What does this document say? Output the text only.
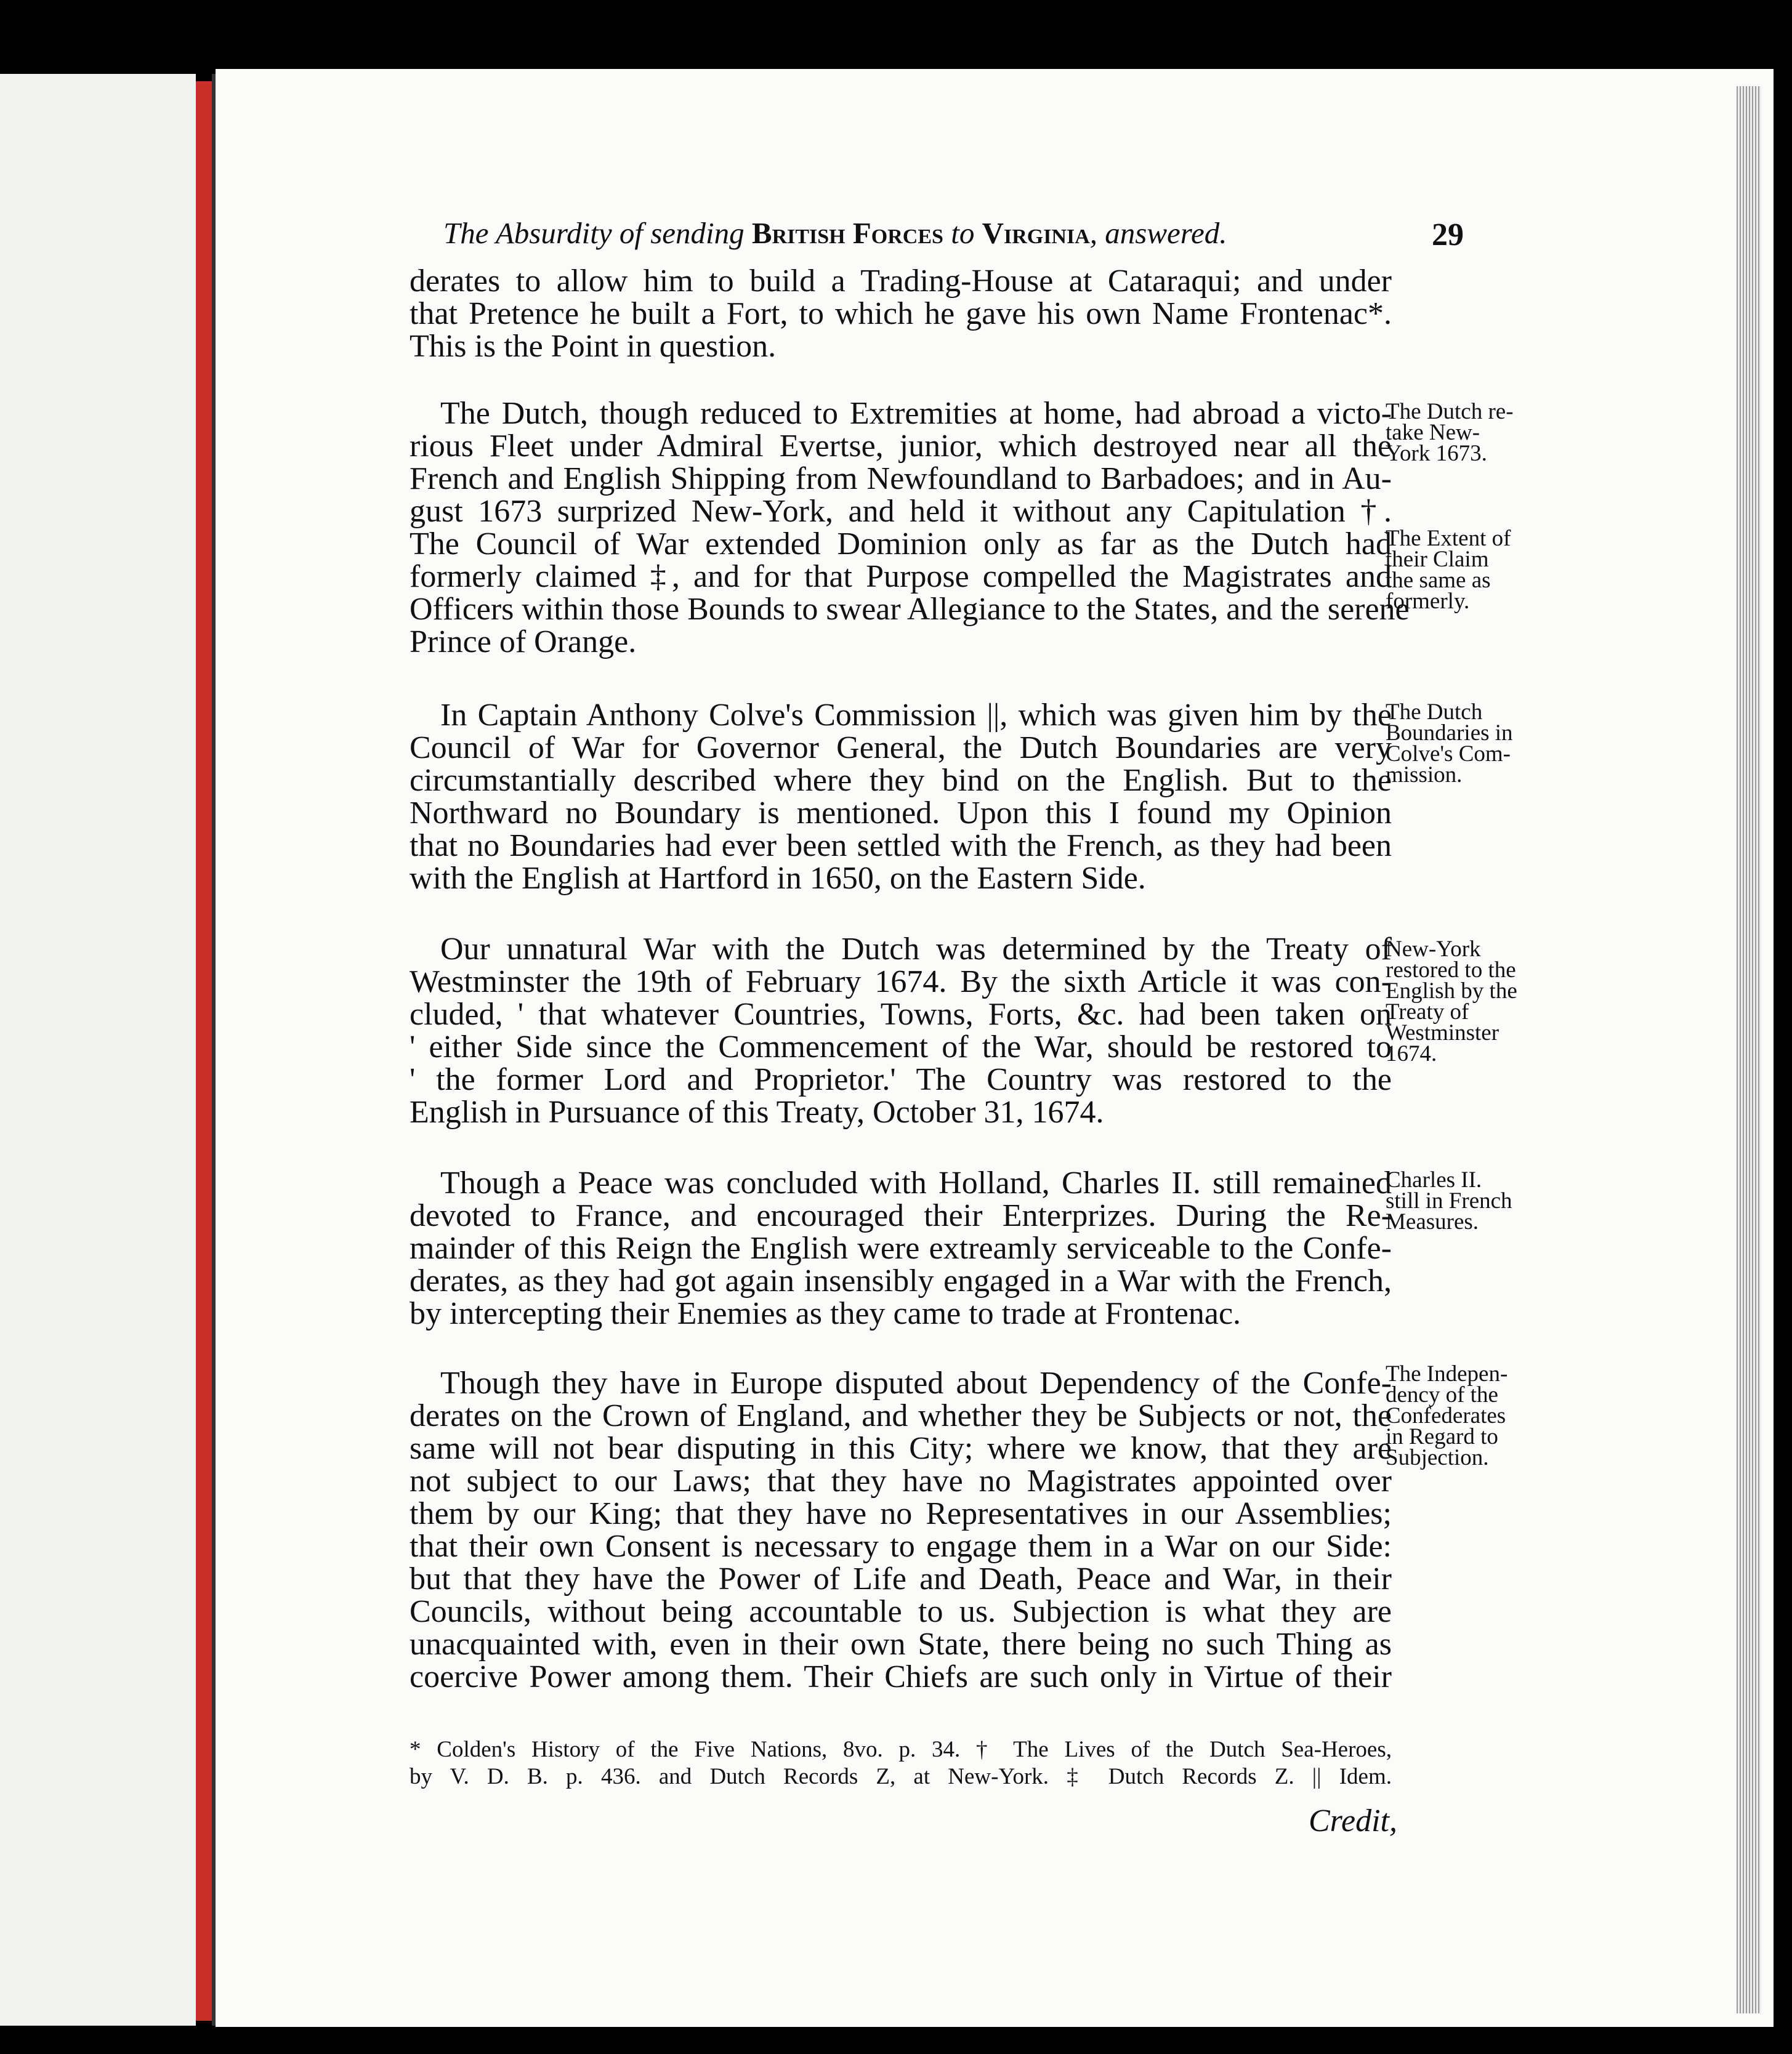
The Absurdity of sending British Forces to Virginia, answered.	29
derates to allow him to build a Trading-House at Cataraqui; and under
that Pretence he built a Fort, to which he gave his own Name Frontenac*.
This is the Point in question.
The Dutch, though reduced to Extremities at home, had abroad a victo-
rious Fleet under Admiral Evertse, junior, which destroyed near all the
French and English Shipping from Newfoundland to Barbadoes; and in Au-
gust 1673 surprized New-York, and held it without any Capitulation †.
The Council of War extended Dominion only as far as the Dutch had
formerly claimed ‡, and for that Purpose compelled the Magistrates and
Officers within those Bounds to swear Allegiance to the States, and the serene
Prince of Orange.
In Captain Anthony Colve's Commission ||, which was given him by the
Council of War for Governor General, the Dutch Boundaries are very
circumstantially described where they bind on the English. But to the
Northward no Boundary is mentioned. Upon this I found my Opinion
that no Boundaries had ever been settled with the French, as they had been
with the English at Hartford in 1650, on the Eastern Side.
Our unnatural War with the Dutch was determined by the Treaty of
Westminster the 19th of February 1674. By the sixth Article it was con-
cluded, ' that whatever Countries, Towns, Forts, &c. had been taken on
' either Side since the Commencement of the War, should be restored to
' the former Lord and Proprietor.' The Country was restored to the
English in Pursuance of this Treaty, October 31, 1674.
Though a Peace was concluded with Holland, Charles II. still remained
devoted to France, and encouraged their Enterprizes. During the Re-
mainder of this Reign the English were extreamly serviceable to the Confe-
derates, as they had got again insensibly engaged in a War with the French,
by intercepting their Enemies as they came to trade at Frontenac.
Though they have in Europe disputed about Dependency of the Confe-
derates on the Crown of England, and whether they be Subjects or not, the
same will not bear disputing in this City; where we know, that they are
not subject to our Laws; that they have no Magistrates appointed over
them by our King; that they have no Representatives in our Assemblies;
that their own Consent is necessary to engage them in a War on our Side:
but that they have the Power of Life and Death, Peace and War, in their
Councils, without being accountable to us. Subjection is what they are
unacquainted with, even in their own State, there being no such Thing as
coercive Power among them. Their Chiefs are such only in Virtue of their
The Dutch re-
take New-
York 1673.
The Extent of
their Claim
the same as
formerly.
The Dutch
Boundaries in
Colve's Com-
mission.
New-York
restored to the
English by the
Treaty of
Westminster
1674.
Charles II.
still in French
Measures.
The Indepen-
dency of the
Confederates
in Regard to
Subjection.
* Colden's History of the Five Nations, 8vo. p. 34. † The Lives of the Dutch Sea-Heroes,
by V. D. B. p. 436. and Dutch Records Z, at New-York. ‡ Dutch Records Z. || Idem.
Credit,
